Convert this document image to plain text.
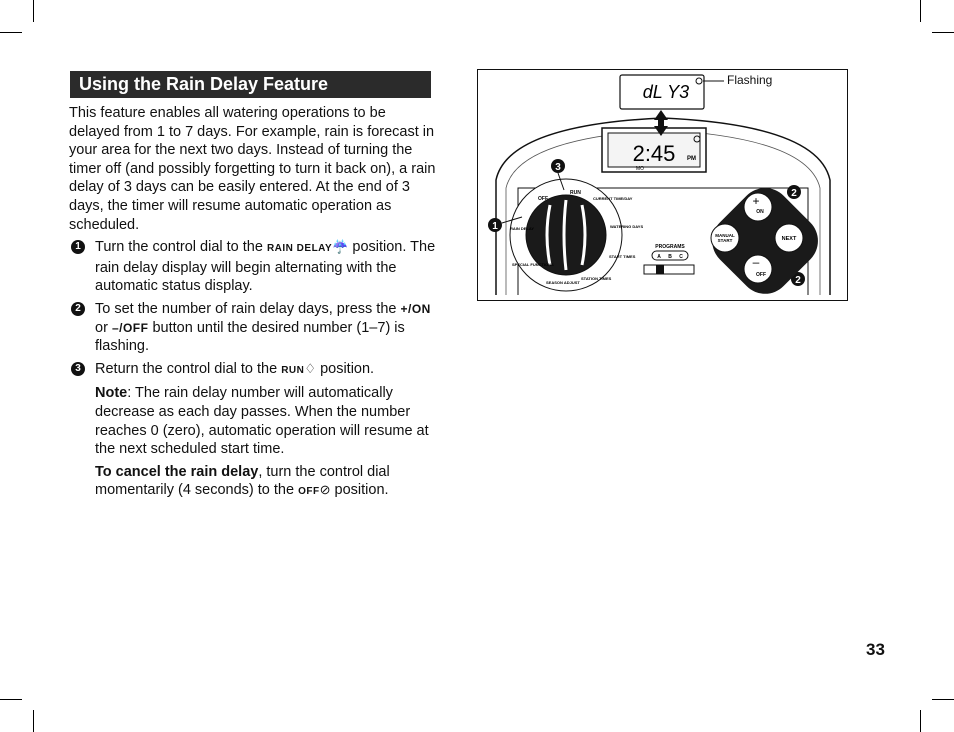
Using the Rain Delay Feature

This feature enables all watering operations to be delayed from 1 to 7 days. For example, rain is forecast in your area for the next two days. Instead of turning the timer off (and possibly forgetting to turn it back on), a rain delay of 3 days can be easily entered. At the end of 3 days, the timer will resume automatic operation as scheduled.

1 Turn the control dial to the RAIN DELAY☔ position. The rain delay display will begin alternating with the automatic status display.
2 To set the number of rain delay days, press the +/ON or –/OFF button until the desired number (1–7) is flashing.
3 Return the control dial to the RUN♢ position.
Note: The rain delay number will automatically decrease as each day passes. When the number reaches 0 (zero), automatic operation will resume at the next scheduled start time.
To cancel the rain delay, turn the control dial momentarily (4 seconds) to the OFF⊘ position.
33
2:45 PM
MO
dL Y3
OFF
RUN
CURRENT TIME/DAY
WATERING DAYS
START TIMES
STATION TIMES
SEASON ADJUST
SPECIAL FUNCTIONS
RAIN DELAY
1
3
2
2
+
ON
–
OFF
MANUAL
START	NEXT
PROGRAMS
A B C
Flashing
